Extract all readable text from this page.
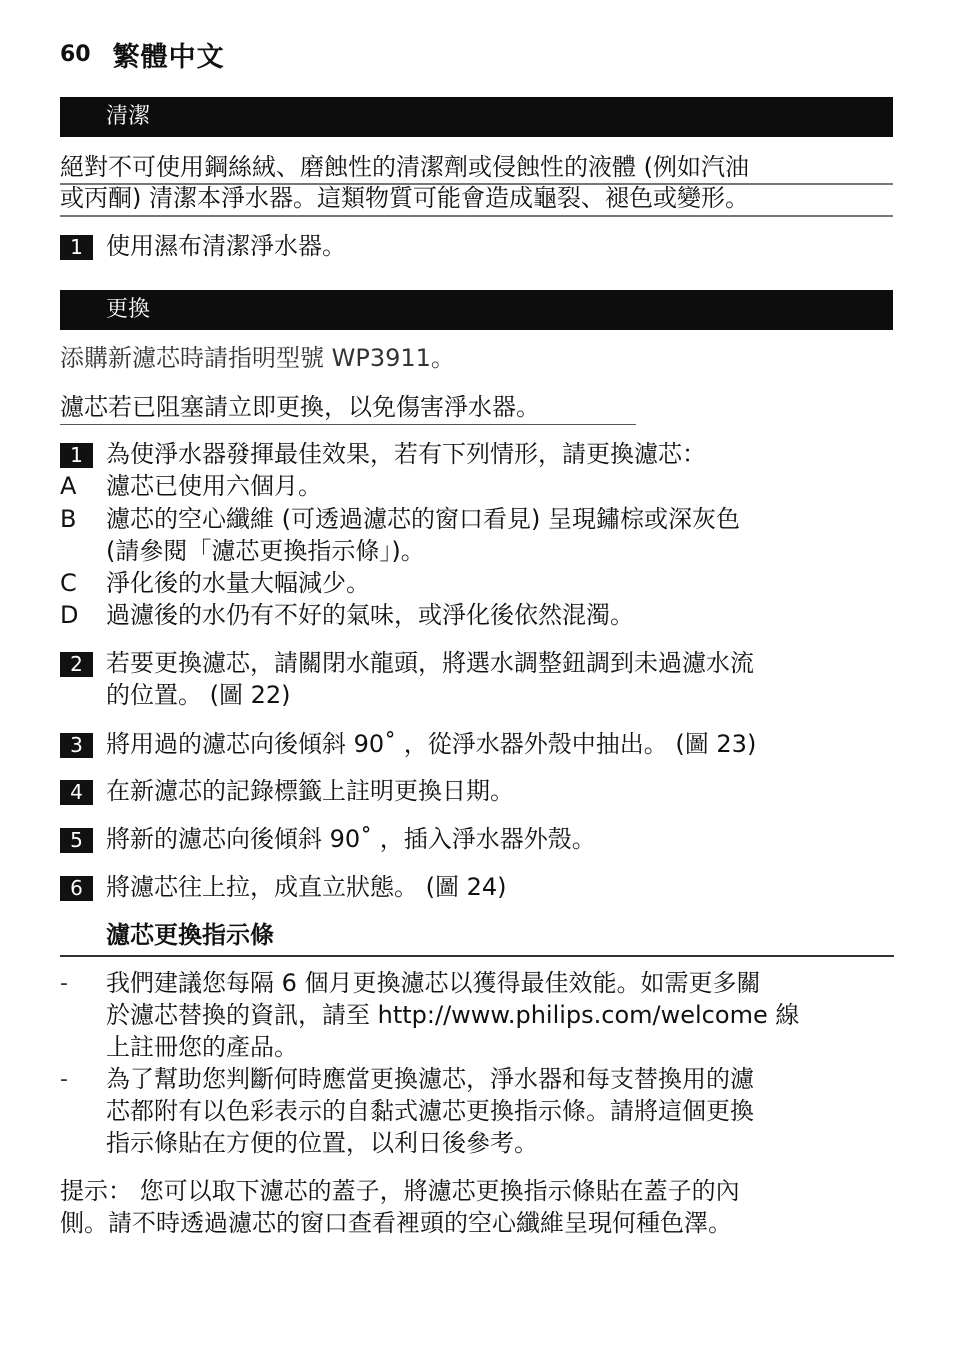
60 繁體中文
清潔
絕對不可使用鋼絲絨、磨蝕性的清潔劑或侵蝕性的液體 (例如汽油
或丙酮) 清潔本淨水器。這類物質可能會造成龜裂、褪色或變形。
1 使用濕布清潔淨水器。
更換
添購新濾芯時請指明型號 WP3911。
濾芯若已阻塞請立即更換，以免傷害淨水器。
1 為使淨水器發揮最佳效果，若有下列情形，請更換濾芯：
A 濾芯已使用六個月。
B 濾芯的空心纖維 (可透過濾芯的窗口看見) 呈現鏽棕或深灰色
(請參閱「濾芯更換指示條」)。
C 淨化後的水量大幅減少。
D 過濾後的水仍有不好的氣味，或淨化後依然混濁。
2 若要更換濾芯，請關閉水龍頭，將選水調整鈕調到未過濾水流
的位置。 (圖 22)
3 將用過的濾芯向後傾斜 90˚ ，從淨水器外殼中抽出。 (圖 23)
4 在新濾芯的記錄標籤上註明更換日期。
5 將新的濾芯向後傾斜 90˚ ，插入淨水器外殼。
6 將濾芯往上拉，成直立狀態。 (圖 24)
濾芯更換指示條
- 我們建議您每隔 6 個月更換濾芯以獲得最佳效能。如需更多關
於濾芯替換的資訊，請至 http://www.philips.com/welcome 線
上註冊您的產品。
- 為了幫助您判斷何時應當更換濾芯，淨水器和每支替換用的濾
芯都附有以色彩表示的自黏式濾芯更換指示條。請將這個更換
指示條貼在方便的位置，以利日後參考。
提示： 您可以取下濾芯的蓋子，將濾芯更換指示條貼在蓋子的內
側。請不時透過濾芯的窗口查看裡頭的空心纖維呈現何種色澤。
